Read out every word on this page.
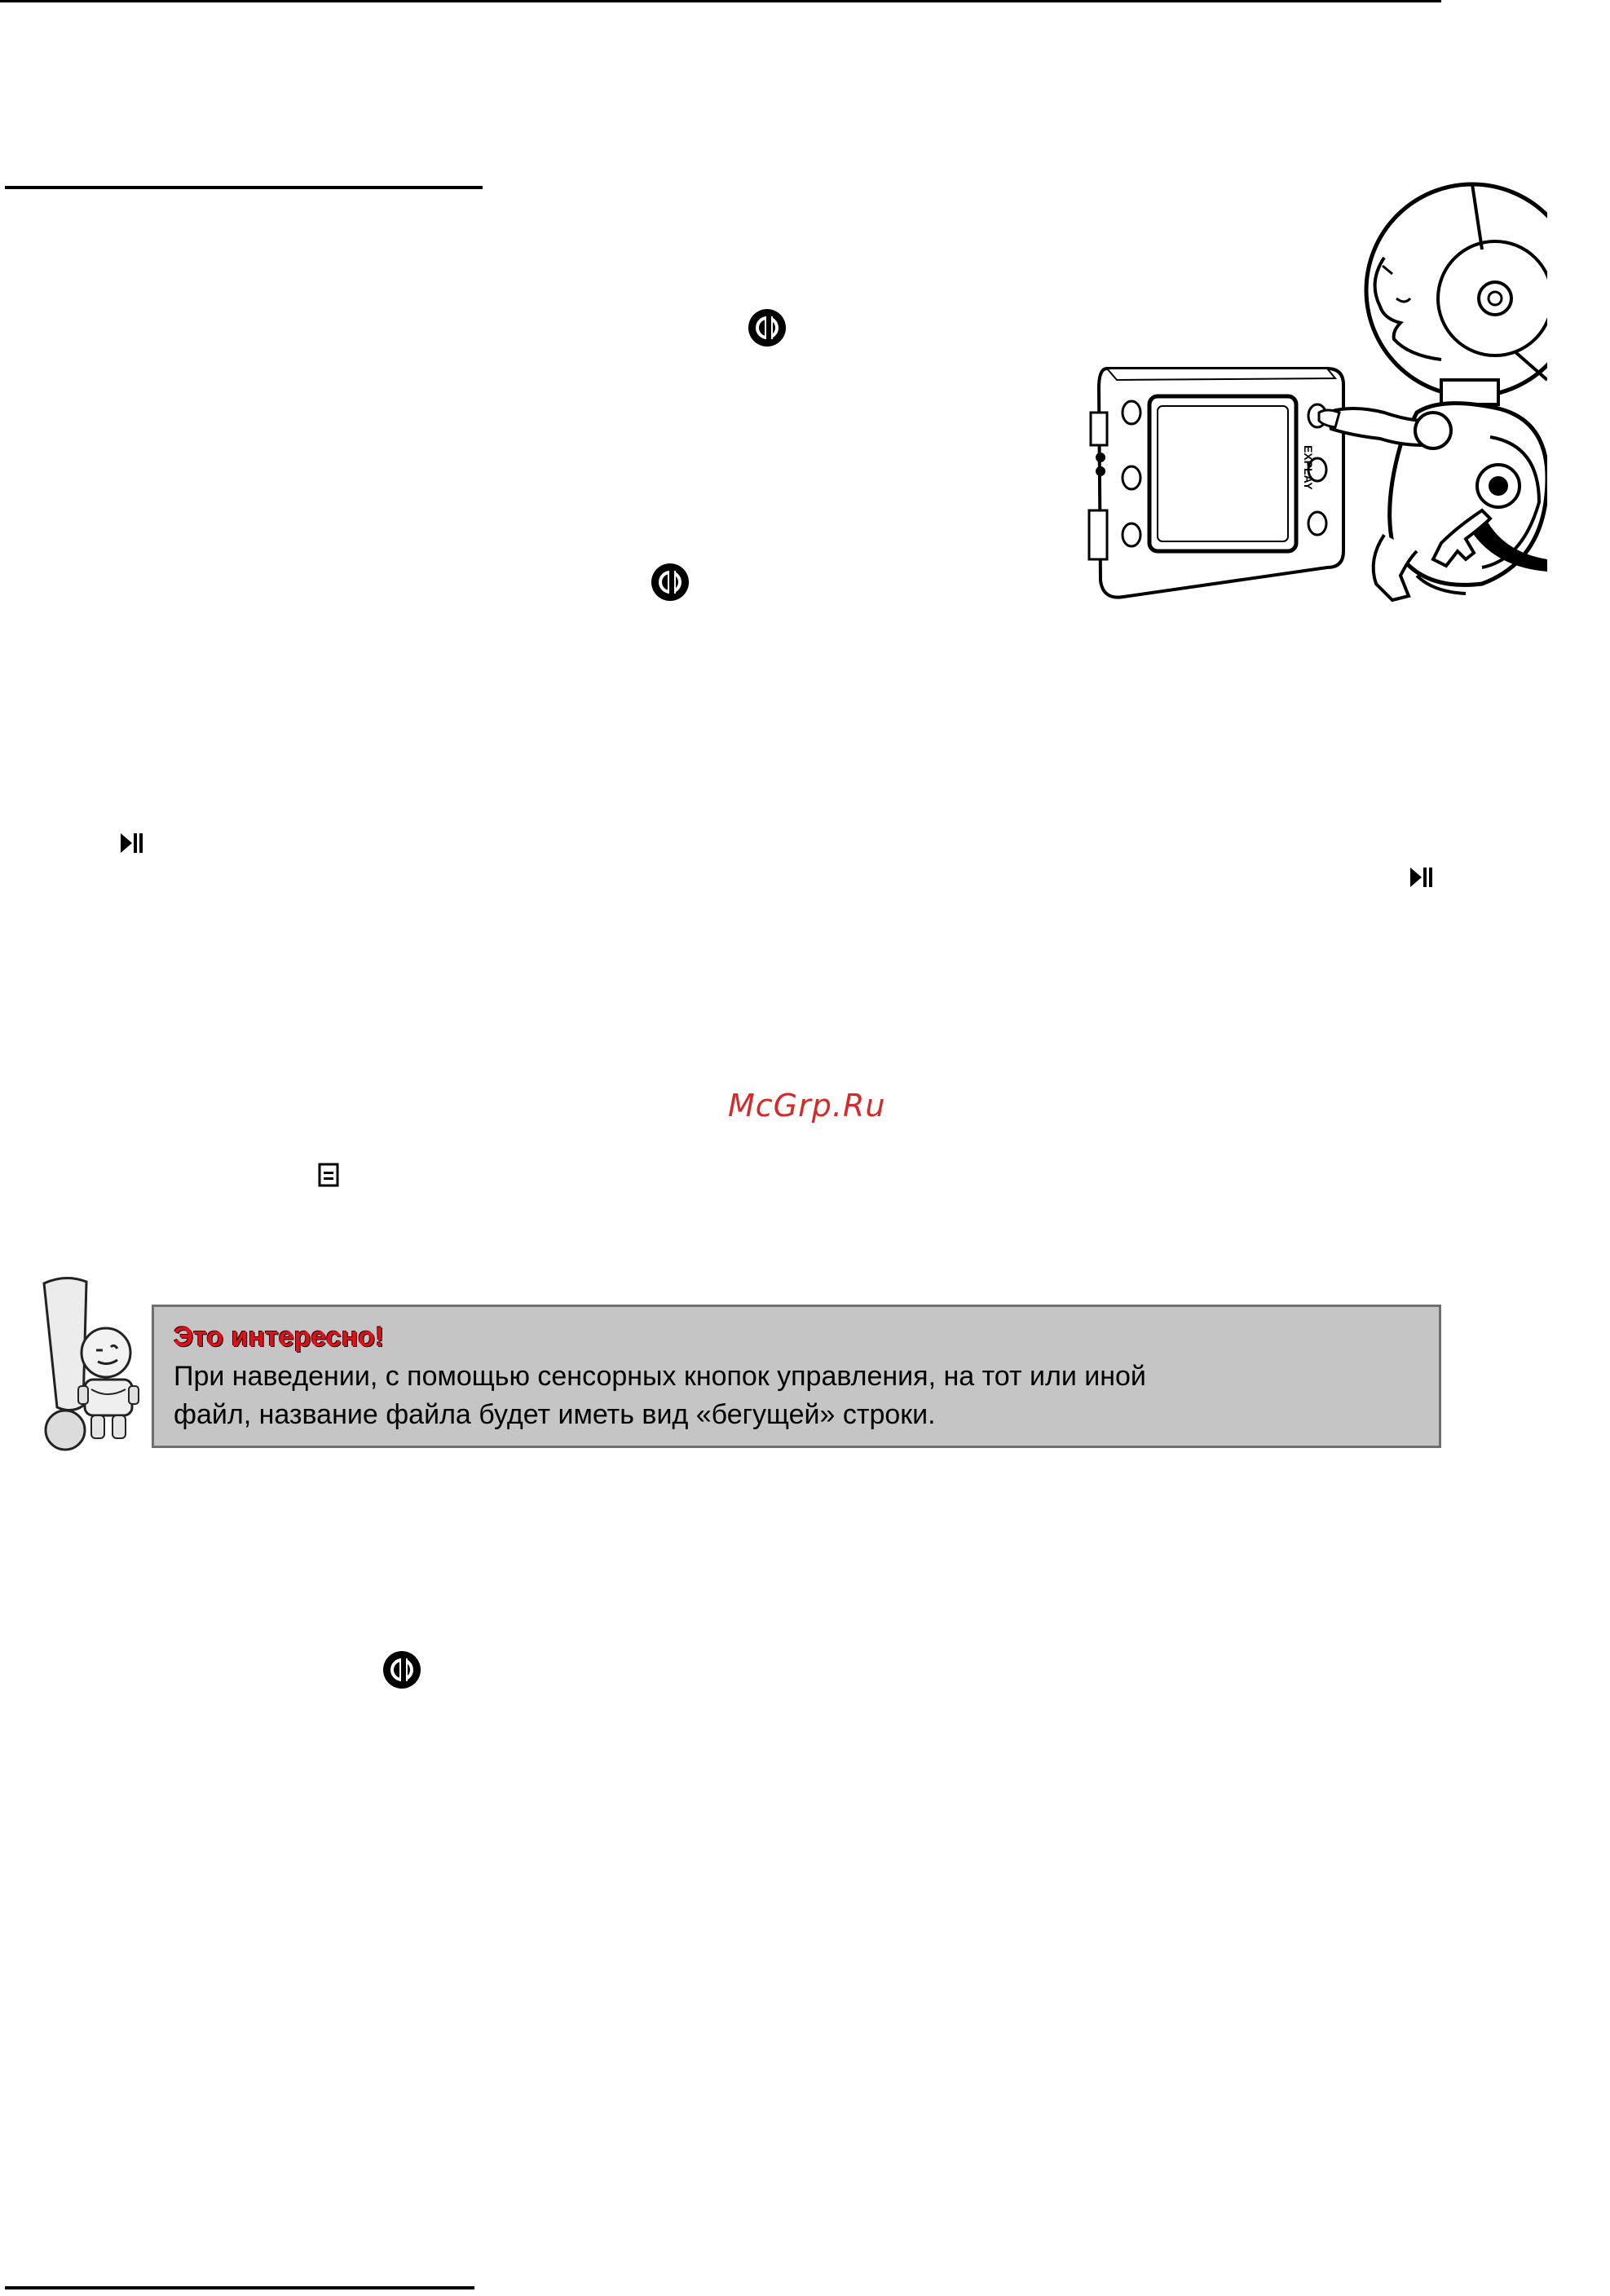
EXPLAY
McGrp.Ru
Это интересно!
При наведении, с помощью сенсорных кнопок управления, на тот или иной
файл, название файла будет иметь вид «бегущей» строки.
